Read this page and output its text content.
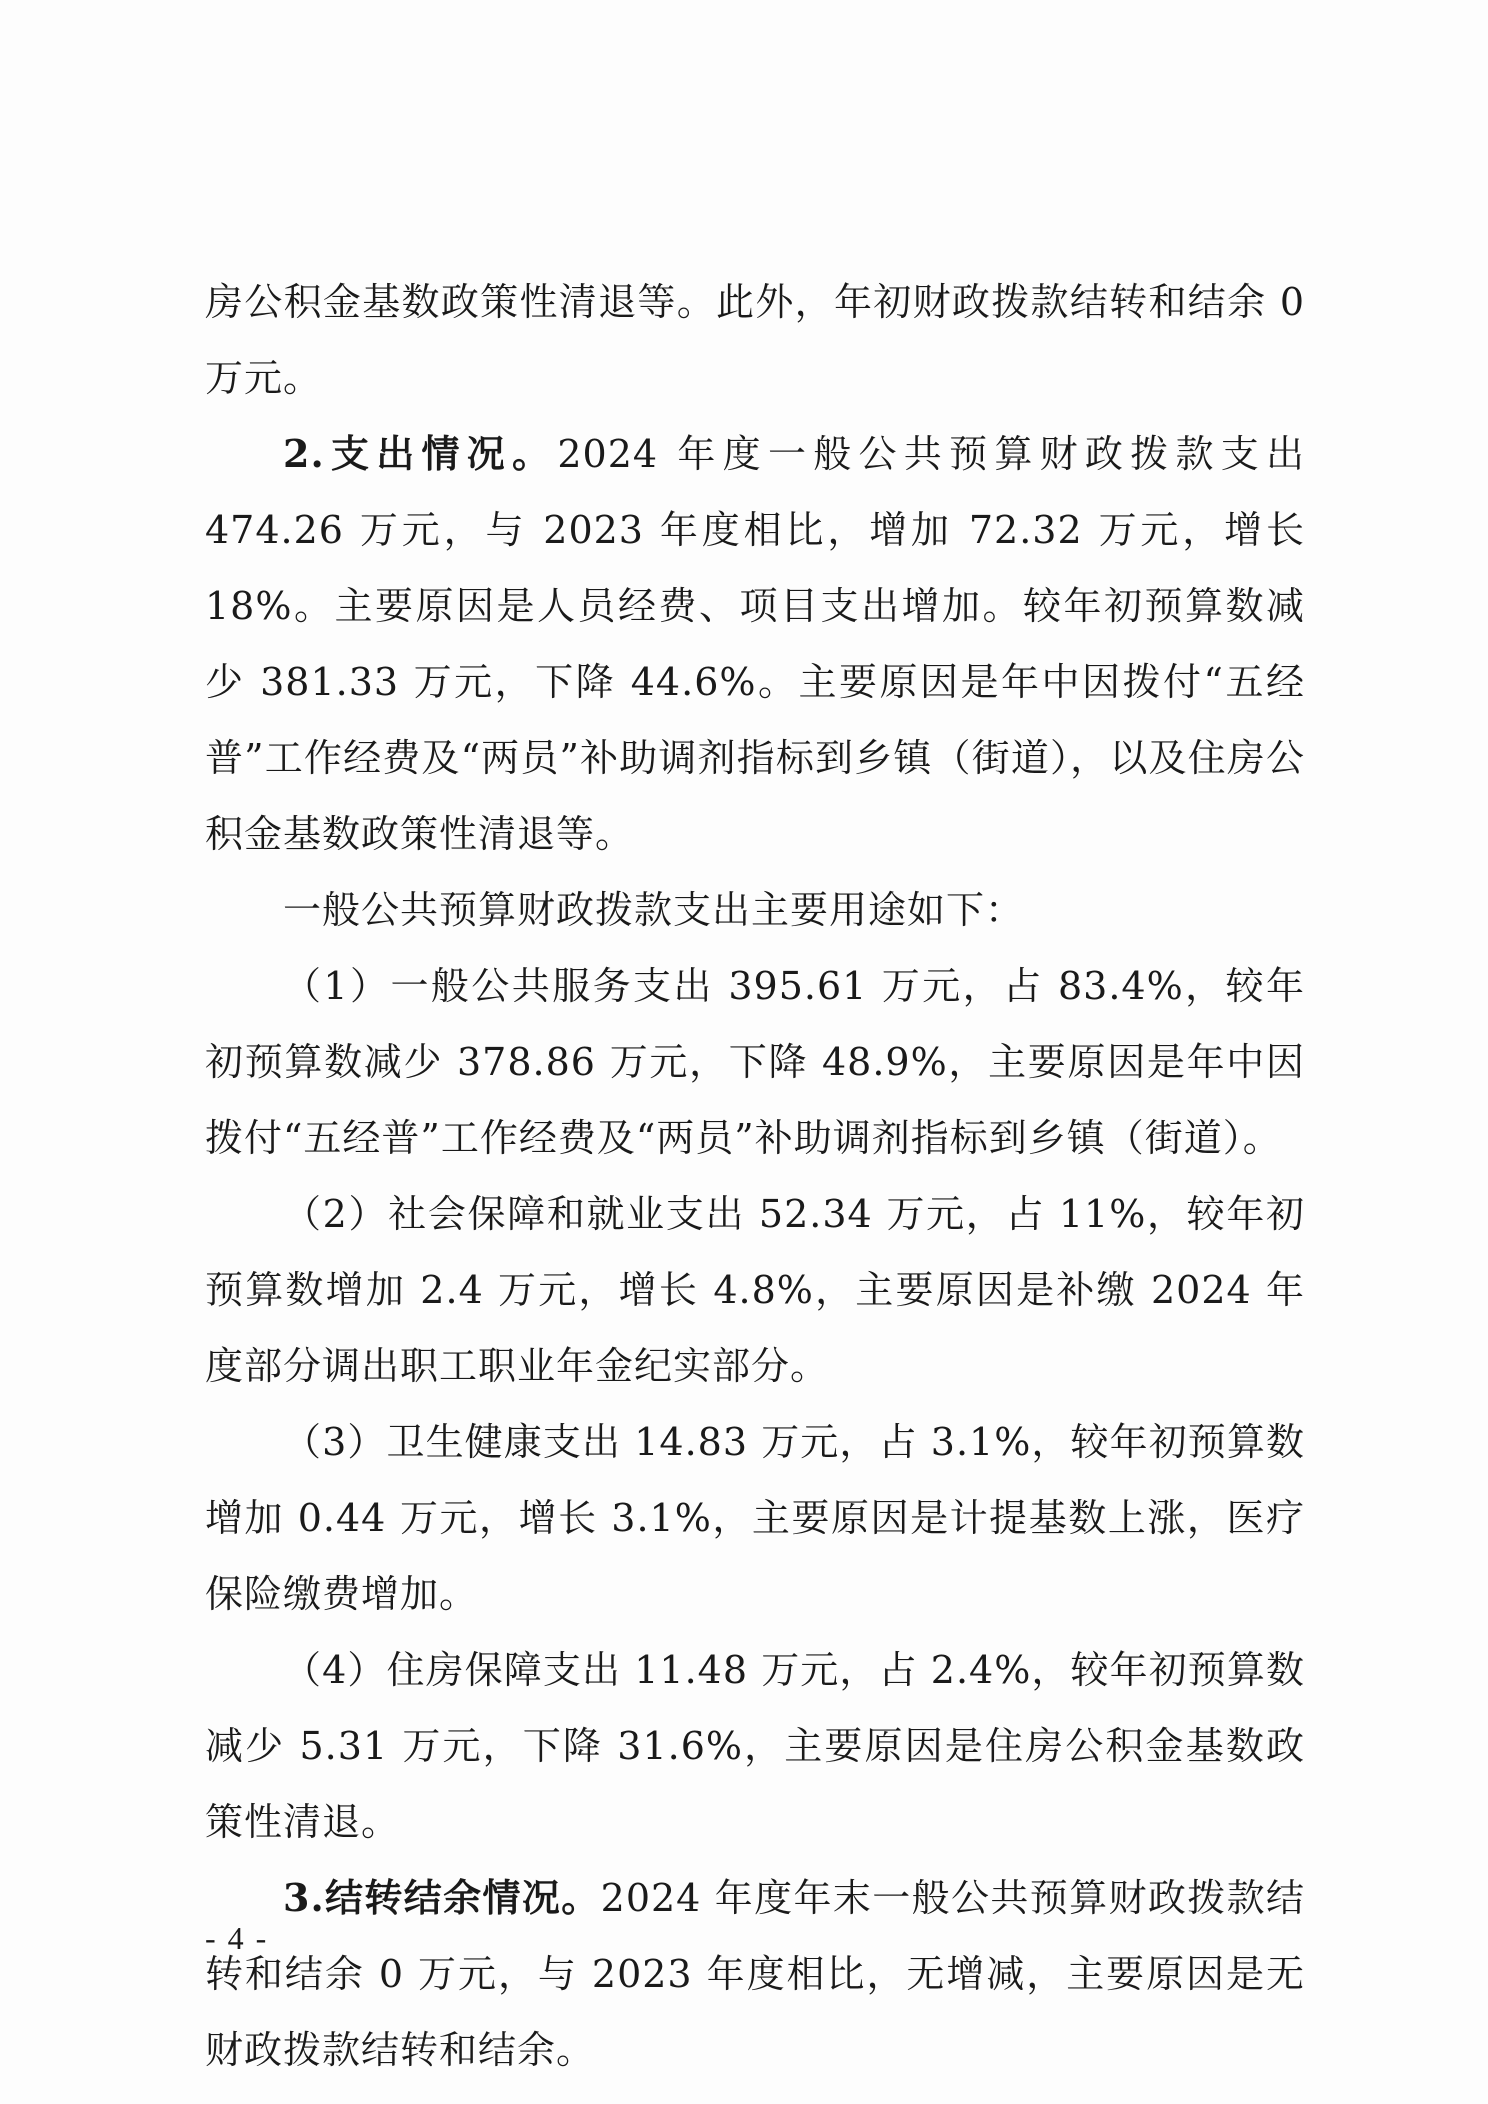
房公积金基数政策性清退等。此外，年初财政拨款结转和结余 0 万元。

2.支出情况。2024 年度一般公共预算财政拨款支出 474.26 万元，与 2023 年度相比，增加 72.32 万元，增长 18%。主要原因是人员经费、项目支出增加。较年初预算数减少 381.33 万元，下降 44.6%。主要原因是年中因拨付“五经普”工作经费及“两员”补助调剂指标到乡镇（街道），以及住房公积金基数政策性清退等。

一般公共预算财政拨款支出主要用途如下：

（1）一般公共服务支出 395.61 万元，占 83.4%，较年初预算数减少 378.86 万元，下降 48.9%，主要原因是年中因拨付“五经普”工作经费及“两员”补助调剂指标到乡镇（街道）。

（2）社会保障和就业支出 52.34 万元，占 11%，较年初预算数增加 2.4 万元，增长 4.8%，主要原因是补缴 2024 年度部分调出职工职业年金纪实部分。

（3）卫生健康支出 14.83 万元，占 3.1%，较年初预算数增加 0.44 万元，增长 3.1%，主要原因是计提基数上涨，医疗保险缴费增加。

（4）住房保障支出 11.48 万元，占 2.4%，较年初预算数减少 5.31 万元，下降 31.6%，主要原因是住房公积金基数政策性清退。

3.结转结余情况。2024 年度年末一般公共预算财政拨款结转和结余 0 万元，与 2023 年度相比，无增减，主要原因是无财政拨款结转和结余。

- 4 -
